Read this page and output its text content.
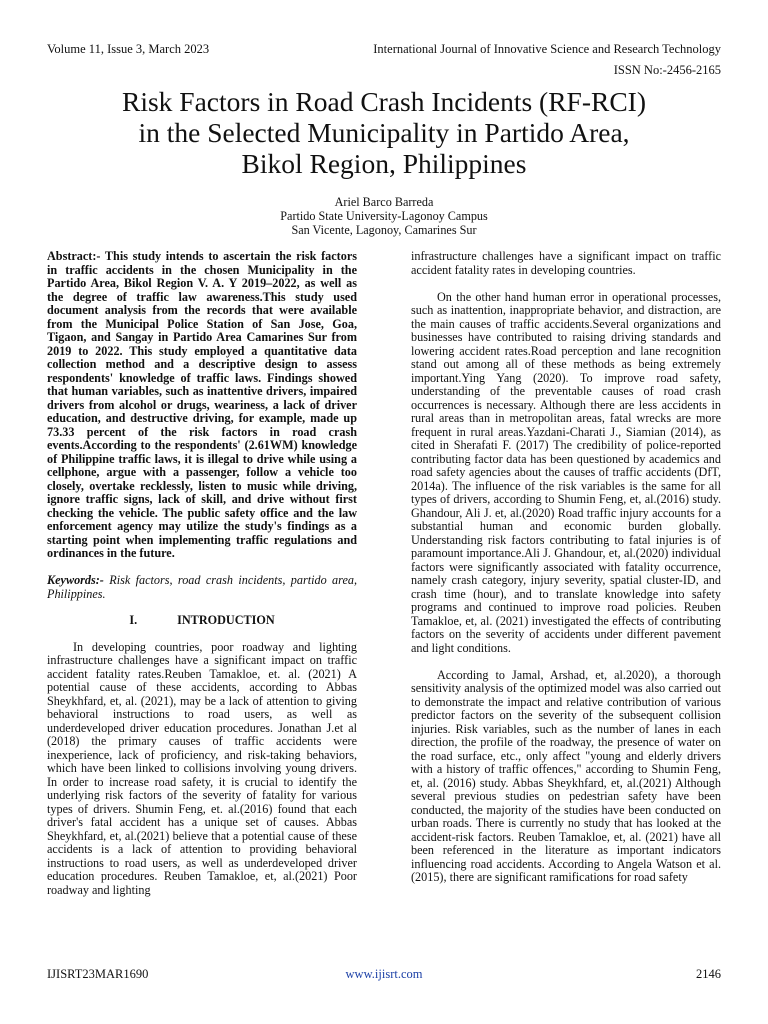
Volume 11, Issue 3, March 2023	International Journal of Innovative Science and Research Technology
ISSN No:-2456-2165
Risk Factors in Road Crash Incidents (RF-RCI)
in the Selected Municipality in Partido Area,
Bikol Region, Philippines
Ariel Barco Barreda
Partido State University-Lagonoy Campus
San Vicente, Lagonoy, Camarines Sur

Abstract:- This study intends to ascertain the risk factors in traffic accidents in the chosen Municipality in the Partido Area, Bikol Region V. A. Y 2019–2022, as well as the degree of traffic law awareness.This study used document analysis from the records that were available from the Municipal Police Station of San Jose, Goa, Tigaon, and Sangay in Partido Area Camarines Sur from 2019 to 2022. This study employed a quantitative data collection method and a descriptive design to assess respondents' knowledge of traffic laws. Findings showed that human variables, such as inattentive drivers, impaired drivers from alcohol or drugs, weariness, a lack of driver education, and destructive driving, for example, made up 73.33 percent of the risk factors in road crash events.According to the respondents' (2.61WM) knowledge of Philippine traffic laws, it is illegal to drive while using a cellphone, argue with a passenger, follow a vehicle too closely, overtake recklessly, listen to music while driving, ignore traffic signs, lack of skill, and drive without first checking the vehicle. The public safety office and the law enforcement agency may utilize the study's findings as a starting point when implementing traffic regulations and ordinances in the future.

Keywords:- Risk factors, road crash incidents, partido area, Philippines.

I.	INTRODUCTION

In developing countries, poor roadway and lighting infrastructure challenges have a significant impact on traffic accident fatality rates.Reuben Tamakloe, et. al. (2021) A potential cause of these accidents, according to Abbas Sheykhfard, et, al. (2021), may be a lack of attention to giving behavioral instructions to road users, as well as underdeveloped driver education procedures. Jonathan J.et al (2018) the primary causes of traffic accidents were inexperience, lack of proficiency, and risk-taking behaviors, which have been linked to collisions involving young drivers. In order to increase road safety, it is crucial to identify the underlying risk factors of the severity of fatality for various types of drivers. Shumin Feng, et. al.(2016) found that each driver's fatal accident has a unique set of causes. Abbas Sheykhfard, et, al.(2021) believe that a potential cause of these accidents is a lack of attention to providing behavioral instructions to road users, as well as underdeveloped driver education procedures. Reuben Tamakloe, et, al.(2021) Poor roadway and lighting

infrastructure challenges have a significant impact on traffic accident fatality rates in developing countries.

On the other hand human error in operational processes, such as inattention, inappropriate behavior, and distraction, are the main causes of traffic accidents.Several organizations and businesses have contributed to raising driving standards and lowering accident rates.Road perception and lane recognition stand out among all of these methods as being extremely important.Ying Yang (2020). To improve road safety, understanding of the preventable causes of road crash occurrences is necessary. Although there are less accidents in rural areas than in metropolitan areas, fatal wrecks are more frequent in rural areas.Yazdani-Charati J., Siamian (2014), as cited in Sherafati F. (2017) The credibility of police-reported contributing factor data has been questioned by academics and road safety agencies about the causes of traffic accidents (DfT, 2014a). The influence of the risk variables is the same for all types of drivers, according to Shumin Feng, et, al.(2016) study. Ghandour, Ali J. et, al.(2020) Road traffic injury accounts for a substantial human and economic burden globally. Understanding risk factors contributing to fatal injuries is of paramount importance.Ali J. Ghandour, et, al.(2020) individual factors were significantly associated with fatality occurrence, namely crash category, injury severity, spatial cluster-ID, and crash time (hour), and to translate knowledge into safety programs and continued to improve road policies. Reuben Tamakloe, et, al. (2021) investigated the effects of contributing factors on the severity of accidents under different pavement and light conditions.

According to Jamal, Arshad, et, al.2020), a thorough sensitivity analysis of the optimized model was also carried out to demonstrate the impact and relative contribution of various predictor factors on the severity of the subsequent collision injuries. Risk variables, such as the number of lanes in each direction, the profile of the roadway, the presence of water on the road surface, etc., only affect "young and elderly drivers with a history of traffic offences," according to Shumin Feng, et, al. (2016) study. Abbas Sheykhfard, et, al.(2021) Although several previous studies on pedestrian safety have been conducted, the majority of the studies have been conducted on urban roads. There is currently no study that has looked at the accident-risk factors. Reuben Tamakloe, et, al. (2021) have all been referenced in the literature as important indicators influencing road accidents. According to Angela Watson et al. (2015), there are significant ramifications for road safety

IJISRT23MAR1690	www.ijisrt.com	2146
